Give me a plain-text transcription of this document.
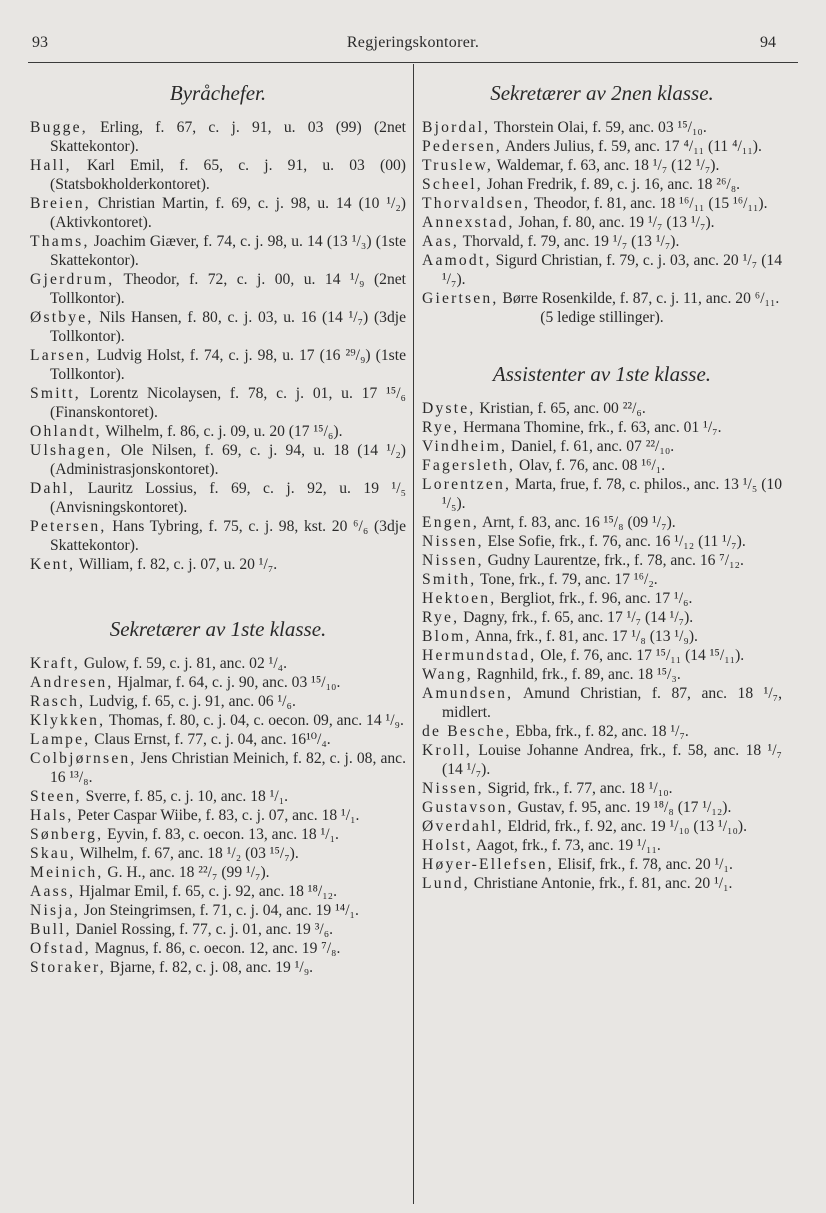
93	Regjeringskontorer.	94
Byråchefer.

Bugge, Erling, f. 67, c. j. 91, u. 03 (99) (2net Skattekontor).

Hall, Karl Emil, f. 65, c. j. 91, u. 03 (00) (Statsbokholderkontoret).

Breien, Christian Martin, f. 69, c. j. 98, u. 14 (10 ¹/₂) (Aktivkontoret).

Thams, Joachim Giæver, f. 74, c. j. 98, u. 14 (13 ¹/₃) (1ste Skattekontor).

Gjerdrum, Theodor, f. 72, c. j. 00, u. 14 ¹/₉ (2net Tollkontor).

Østbye, Nils Hansen, f. 80, c. j. 03, u. 16 (14 ¹/₇) (3dje Tollkontor).

Larsen, Ludvig Holst, f. 74, c. j. 98, u. 17 (16 ²⁹/₉) (1ste Tollkontor).

Smitt, Lorentz Nicolaysen, f. 78, c. j. 01, u. 17 ¹⁵/₆ (Finanskontoret).

Ohlandt, Wilhelm, f. 86, c. j. 09, u. 20 (17 ¹⁵/₆).

Ulshagen, Ole Nilsen, f. 69, c. j. 94, u. 18 (14 ¹/₂) (Administrasjonskontoret).

Dahl, Lauritz Lossius, f. 69, c. j. 92, u. 19 ¹/₅ (Anvisningskontoret).

Petersen, Hans Tybring, f. 75, c. j. 98, kst. 20 ⁶/₆ (3dje Skattekontor).

Kent, William, f. 82, c. j. 07, u. 20 ¹/₇.

Sekretærer av 1ste klasse.

Kraft, Gulow, f. 59, c. j. 81, anc. 02 ¹/₄.

Andresen, Hjalmar, f. 64, c. j. 90, anc. 03 ¹⁵/₁₀.

Rasch, Ludvig, f. 65, c. j. 91, anc. 06 ¹/₆.

Klykken, Thomas, f. 80, c. j. 04, c. oecon. 09, anc. 14 ¹/₉.

Lampe, Claus Ernst, f. 77, c. j. 04, anc. 16¹⁰/₄.

Colbjørnsen, Jens Christian Meinich, f. 82, c. j. 08, anc. 16 ¹³/₈.

Steen, Sverre, f. 85, c. j. 10, anc. 18 ¹/₁.

Hals, Peter Caspar Wiibe, f. 83, c. j. 07, anc. 18 ¹/₁.

Sønberg, Eyvin, f. 83, c. oecon. 13, anc. 18 ¹/₁.

Skau, Wilhelm, f. 67, anc. 18 ¹/₂ (03 ¹⁵/₇).

Meinich, G. H., anc. 18 ²²/₇ (99 ¹/₇).

Aass, Hjalmar Emil, f. 65, c. j. 92, anc. 18 ¹⁸/₁₂.

Nisja, Jon Steingrimsen, f. 71, c. j. 04, anc. 19 ¹⁴/₁.

Bull, Daniel Rossing, f. 77, c. j. 01, anc. 19 ³/₆.

Ofstad, Magnus, f. 86, c. oecon. 12, anc. 19 ⁷/₈.

Storaker, Bjarne, f. 82, c. j. 08, anc. 19 ¹/₉.

Sekretærer av 2nen klasse.

Bjordal, Thorstein Olai, f. 59, anc. 03 ¹⁵/₁₀.

Pedersen, Anders Julius, f. 59, anc. 17 ⁴/₁₁ (11 ⁴/₁₁).

Truslew, Waldemar, f. 63, anc. 18 ¹/₇ (12 ¹/₇).

Scheel, Johan Fredrik, f. 89, c. j. 16, anc. 18 ²⁶/₈.

Thorvaldsen, Theodor, f. 81, anc. 18 ¹⁶/₁₁ (15 ¹⁶/₁₁).

Annexstad, Johan, f. 80, anc. 19 ¹/₇ (13 ¹/₇).

Aas, Thorvald, f. 79, anc. 19 ¹/₇ (13 ¹/₇).

Aamodt, Sigurd Christian, f. 79, c. j. 03, anc. 20 ¹/₇ (14 ¹/₇).

Giertsen, Børre Rosenkilde, f. 87, c. j. 11, anc. 20 ⁶/₁₁.

(5 ledige stillinger).

Assistenter av 1ste klasse.

Dyste, Kristian, f. 65, anc. 00 ²²/₆.

Rye, Hermana Thomine, frk., f. 63, anc. 01 ¹/₇.

Vindheim, Daniel, f. 61, anc. 07 ²²/₁₀.

Fagersleth, Olav, f. 76, anc. 08 ¹⁶/₁.

Lorentzen, Marta, frue, f. 78, c. philos., anc. 13 ¹/₅ (10 ¹/₅).

Engen, Arnt, f. 83, anc. 16 ¹⁵/₈ (09 ¹/₇).

Nissen, Else Sofie, frk., f. 76, anc. 16 ¹/₁₂ (11 ¹/₇).

Nissen, Gudny Laurentze, frk., f. 78, anc. 16 ⁷/₁₂.

Smith, Tone, frk., f. 79, anc. 17 ¹⁶/₂.

Hektoen, Bergliot, frk., f. 96, anc. 17 ¹/₆.

Rye, Dagny, frk., f. 65, anc. 17 ¹/₇ (14 ¹/₇).

Blom, Anna, frk., f. 81, anc. 17 ¹/₈ (13 ¹/₉).

Hermundstad, Ole, f. 76, anc. 17 ¹⁵/₁₁ (14 ¹⁵/₁₁).

Wang, Ragnhild, frk., f. 89, anc. 18 ¹⁵/₃.

Amundsen, Amund Christian, f. 87, anc. 18 ¹/₇, midlert.

de Besche, Ebba, frk., f. 82, anc. 18 ¹/₇.

Kroll, Louise Johanne Andrea, frk., f. 58, anc. 18 ¹/₇ (14 ¹/₇).

Nissen, Sigrid, frk., f. 77, anc. 18 ¹/₁₀.

Gustavson, Gustav, f. 95, anc. 19 ¹⁸/₈ (17 ¹/₁₂).

Øverdahl, Eldrid, frk., f. 92, anc. 19 ¹/₁₀ (13 ¹/₁₀).

Holst, Aagot, frk., f. 73, anc. 19 ¹/₁₁.

Høyer-Ellefsen, Elisif, frk., f. 78, anc. 20 ¹/₁.

Lund, Christiane Antonie, frk., f. 81, anc. 20 ¹/₁.
